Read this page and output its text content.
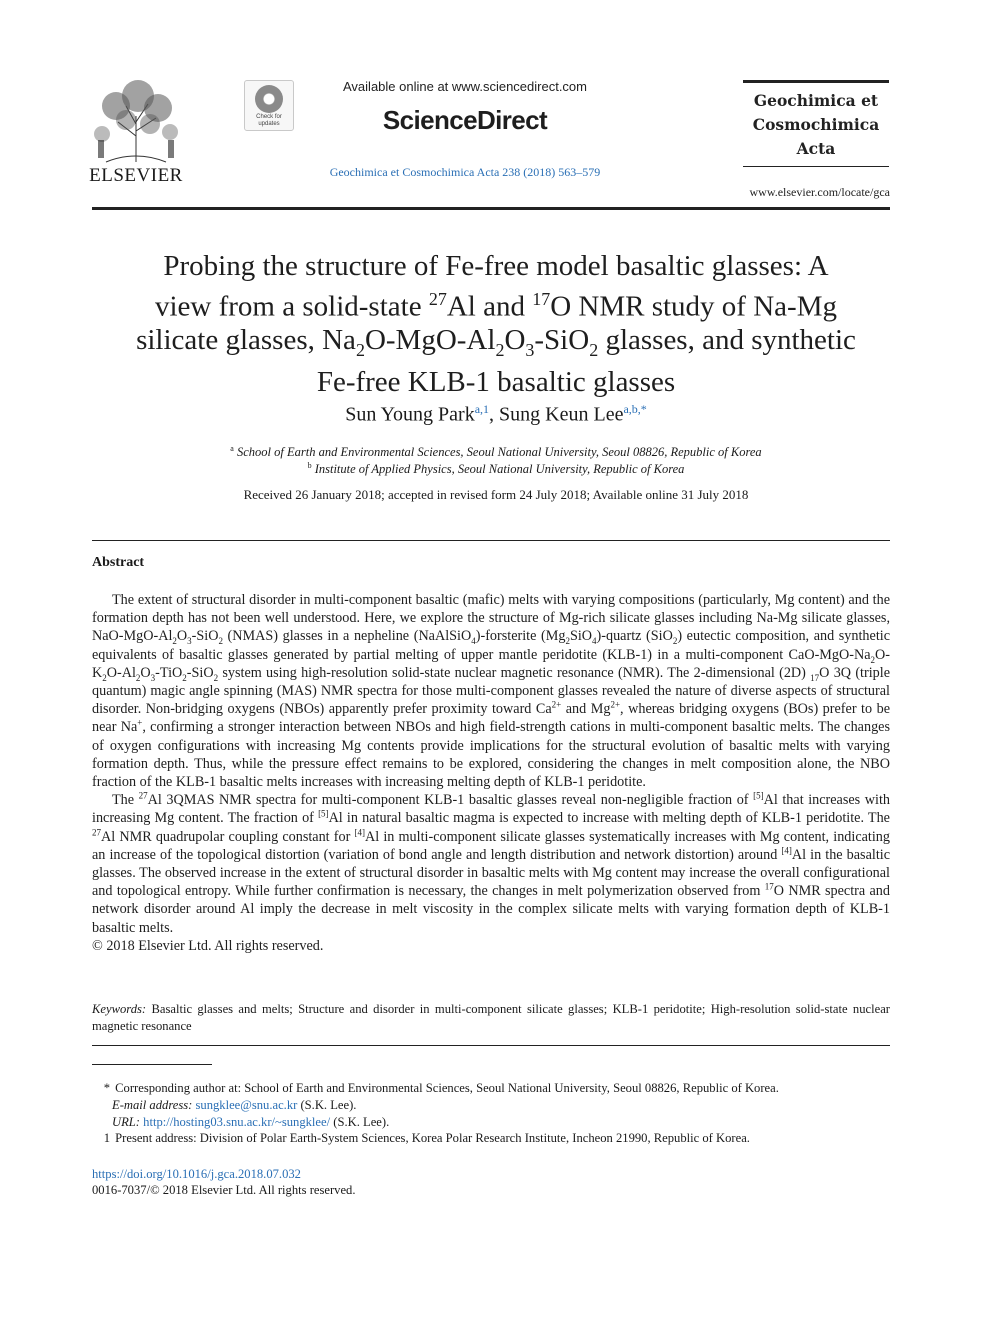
ELSEVIER
Check for updates
Available online at www.sciencedirect.com
ScienceDirect
Geochimica et Cosmochimica Acta 238 (2018) 563–579
Geochimica et
Cosmochimica
Acta
www.elsevier.com/locate/gca
Probing the structure of Fe-free model basaltic glasses: A
view from a solid-state $^{27}$Al and $^{17}$O NMR study of Na-Mg
silicate glasses, $Na_2O-MgO-Al_2O_3-SiO_2$ glasses, and synthetic
Fe-free KLB-1 basaltic glasses
Sun Young Park$^{a,1}$, Sung Keun Lee$^{a,b,*}$
$^a$ School of Earth and Environmental Sciences, Seoul National University, Seoul 08826, Republic of Korea
$^b$ Institute of Applied Physics, Seoul National University, Republic of Korea
Received 26 January 2018; accepted in revised form 24 July 2018; Available online 31 July 2018
Abstract

The extent of structural disorder in multi-component basaltic (mafic) melts with varying compositions (particularly, Mg content) and the formation depth has not been well understood. Here, we explore the structure of Mg-rich silicate glasses including Na-Mg silicate glasses, NaO-$MgO-Al_2O_3-SiO_2$ (NMAS) glasses in a nepheline (NaAlSiO$_4$)-forsterite $(Mg_2SiO_4)$-quartz (SiO$_2$) eutectic composition, and synthetic equivalents of basaltic glasses generated by partial melting of upper mantle peridotite (KLB-1) in a multi-component CaO-$MgO-Na_2O-K_2O-Al_2O_3-TiO_2-SiO_2$ system using high-resolution solid-state nuclear magnetic resonance (NMR). The 2-dimensional (2D) $_{17}$O 3Q (triple quantum) magic angle spinning (MAS) NMR spectra for those multi-component glasses revealed the nature of diverse aspects of structural disorder. Non-bridging oxygens (NBOs) apparently prefer proximity toward $Ca^{2+}$ and $Mg^{2+}$, whereas bridging oxygens (BOs) prefer to be near Na+, confirming a stronger interaction between NBOs and high field-strength cations in multi-component basaltic melts. The changes of oxygen configurations with increasing Mg contents provide implications for the structural evolution of basaltic melts with varying formation depth. Thus, while the pressure effect remains to be explored, considering the changes in melt composition alone, the NBO fraction of the KLB-1 basaltic melts increases with increasing melting depth of KLB-1 peridotite.

The $^{27}$Al 3QMAS NMR spectra for multi-component KLB-1 basaltic glasses reveal non-negligible fraction of [5]Al that increases with increasing Mg content. The fraction of [5]Al in natural basaltic magma is expected to increase with melting depth of KLB-1 peridotite. The $^{27}$Al NMR quadrupolar coupling constant for [4]Al in multi-component silicate glasses systematically increases with Mg content, indicating an increase of the topological distortion (variation of bond angle and length distribution and network distortion) around [4]Al in the basaltic glasses. The observed increase in the extent of structural disorder in basaltic melts with Mg content may increase the overall configurational and topological entropy. While further confirmation is necessary, the changes in melt polymerization observed from $^{17}$O NMR spectra and network disorder around Al imply the decrease in melt viscosity in the complex silicate melts with varying formation depth of KLB-1 basaltic melts.

© 2018 Elsevier Ltd. All rights reserved.

Keywords: Basaltic glasses and melts; Structure and disorder in multi-component silicate glasses; KLB-1 peridotite; High-resolution solid-state nuclear magnetic resonance
* Corresponding author at: School of Earth and Environmental Sciences, Seoul National University, Seoul 08826, Republic of Korea.
E-mail address: sungklee@snu.ac.kr (S.K. Lee).
URL: http://hosting03.snu.ac.kr/~sungklee/ (S.K. Lee).
1 Present address: Division of Polar Earth-System Sciences, Korea Polar Research Institute, Incheon 21990, Republic of Korea.
https://doi.org/10.1016/j.gca.2018.07.032
0016-7037/© 2018 Elsevier Ltd. All rights reserved.
